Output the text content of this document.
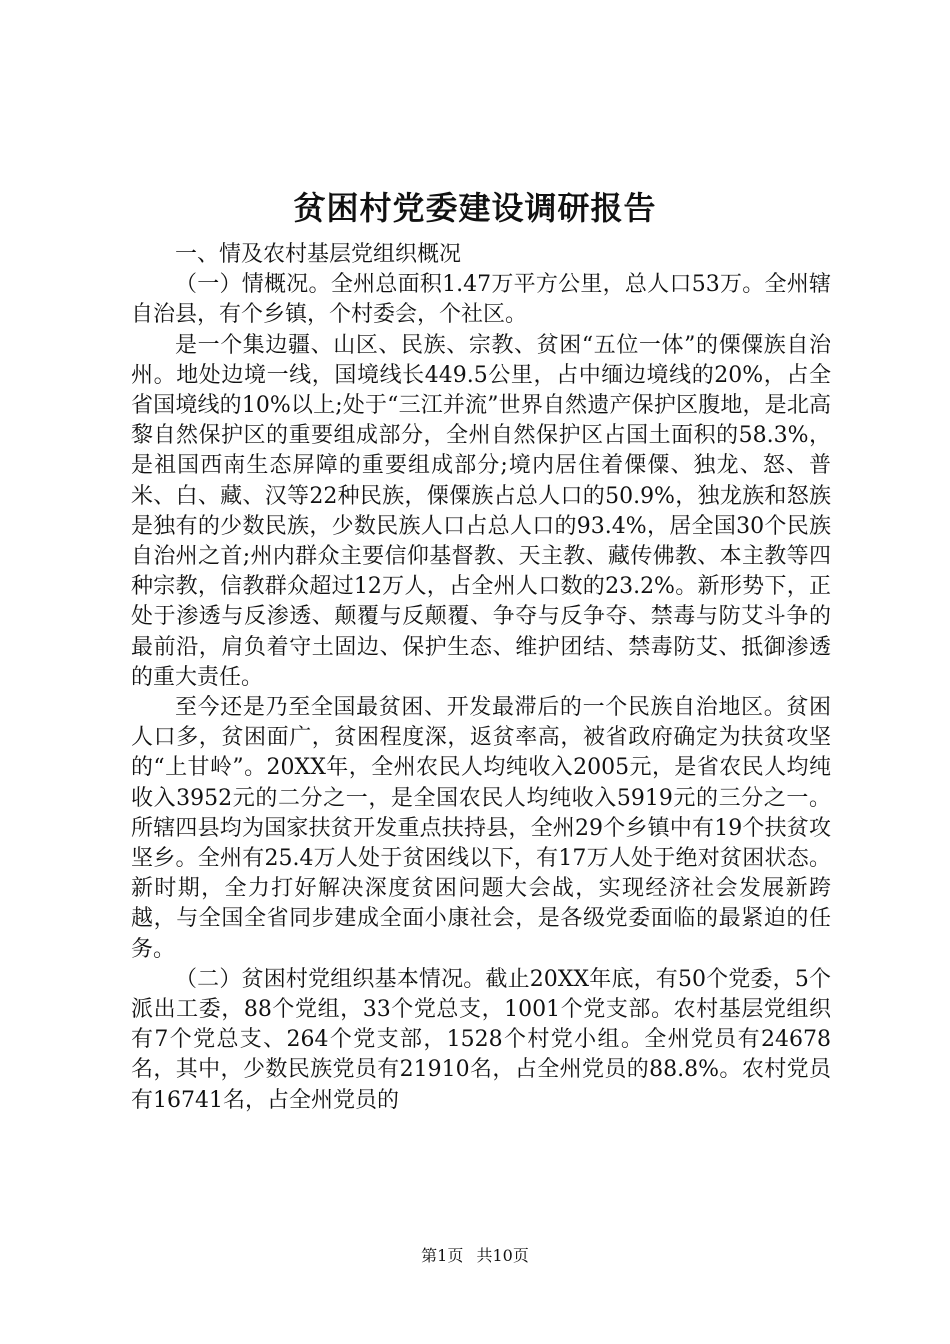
贫困村党委建设调研报告

一、情及农村基层党组织概况

（一）情概况。全州总面积1.47万平方公里，总人口53万。全州辖自治县，有个乡镇，个村委会，个社区。

是一个集边疆、山区、民族、宗教、贫困“五位一体”的傈僳族自治州。地处边境一线，国境线长449.5公里，占中缅边境线的20%，占全省国境线的10%以上;处于“三江并流”世界自然遗产保护区腹地，是北高黎自然保护区的重要组成部分，全州自然保护区占国土面积的58.3%，是祖国西南生态屏障的重要组成部分;境内居住着傈僳、独龙、怒、普米、白、藏、汉等22种民族，傈僳族占总人口的50.9%，独龙族和怒族是独有的少数民族，少数民族人口占总人口的93.4%，居全国30个民族自治州之首;州内群众主要信仰基督教、天主教、藏传佛教、本主教等四种宗教，信教群众超过12万人，占全州人口数的23.2%。新形势下，正处于渗透与反渗透、颠覆与反颠覆、争夺与反争夺、禁毒与防艾斗争的最前沿，肩负着守土固边、保护生态、维护团结、禁毒防艾、抵御渗透的重大责任。

至今还是乃至全国最贫困、开发最滞后的一个民族自治地区。贫困人口多，贫困面广，贫困程度深，返贫率高，被省政府确定为扶贫攻坚的“上甘岭”。20XX年，全州农民人均纯收入2005元，是省农民人均纯收入3952元的二分之一，是全国农民人均纯收入5919元的三分之一。所辖四县均为国家扶贫开发重点扶持县，全州29个乡镇中有19个扶贫攻坚乡。全州有25.4万人处于贫困线以下，有17万人处于绝对贫困状态。新时期，全力打好解决深度贫困问题大会战，实现经济社会发展新跨越，与全国全省同步建成全面小康社会，是各级党委面临的最紧迫的任务。

（二）贫困村党组织基本情况。截止20XX年底，有50个党委，5个派出工委，88个党组，33个党总支，1001个党支部。农村基层党组织有7个党总支、264个党支部，1528个村党小组。全州党员有24678名，其中，少数民族党员有21910名，占全州党员的88.8%。农村党员有16741名，占全州党员的

第1页 共10页
